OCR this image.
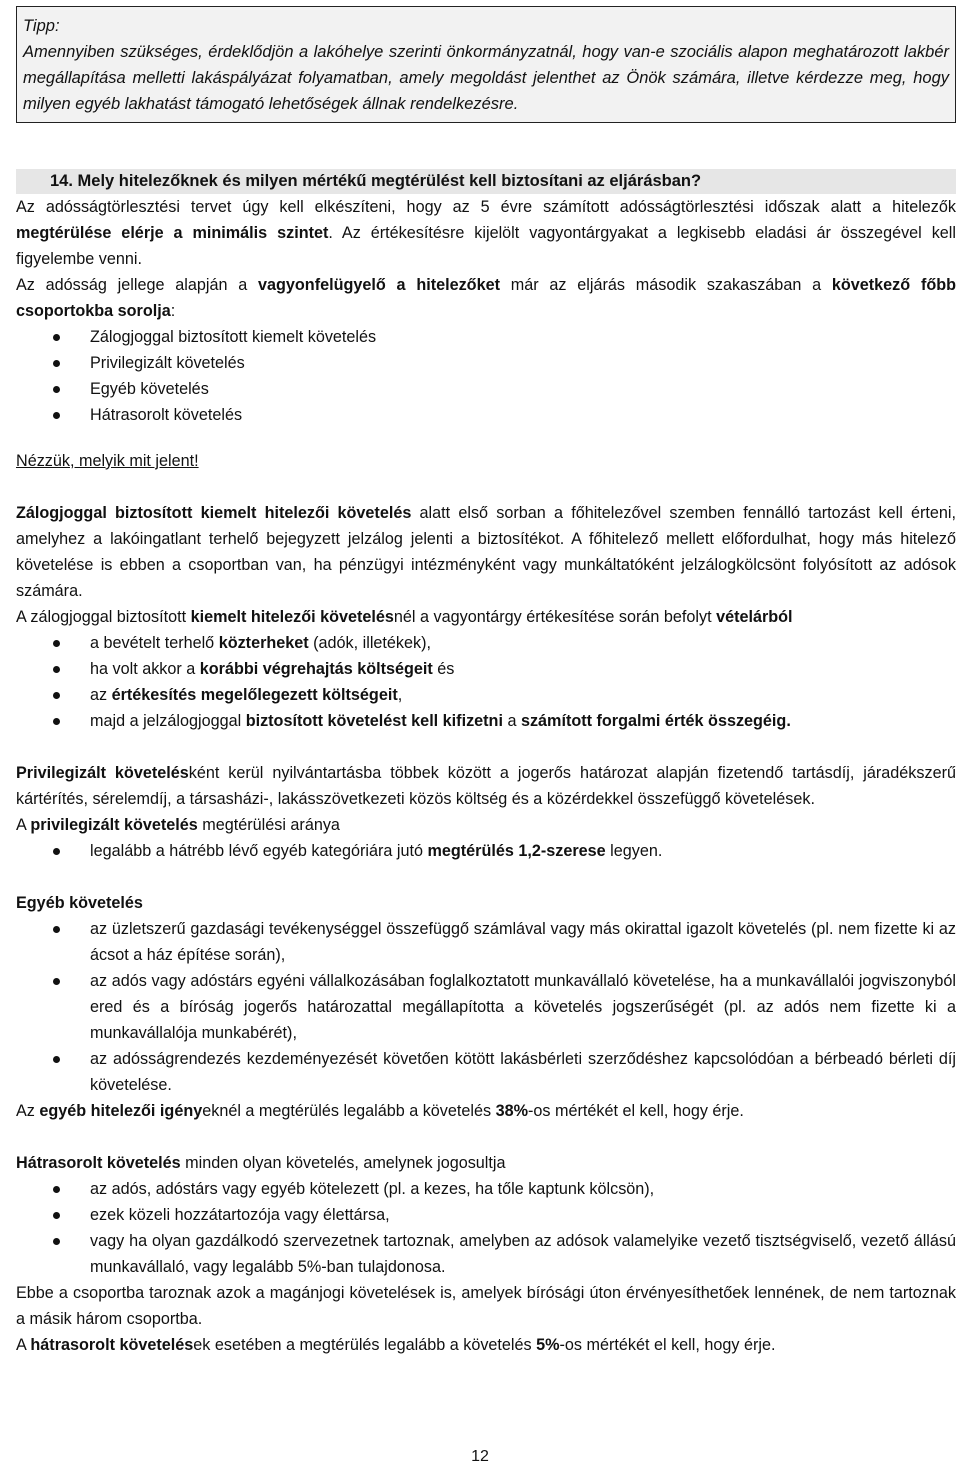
Tipp:
Amennyiben szükséges, érdeklődjön a lakóhelye szerinti önkormányzatnál, hogy van-e szociális alapon meghatározott lakbér megállapítása melletti lakáspályázat folyamatban, amely megoldást jelenthet az Önök számára, illetve kérdezze meg, hogy milyen egyéb lakhatást támogató lehetőségek állnak rendelkezésre.
14. Mely hitelezőknek és milyen mértékű megtérülést kell biztosítani az eljárásban?

Az adósságtörlesztési tervet úgy kell elkészíteni, hogy az 5 évre számított adósságtörlesztési időszak alatt a hitelezők megtérülése elérje a minimális szintet. Az értékesítésre kijelölt vagyontárgyakat a legkisebb eladási ár összegével kell figyelembe venni.

Az adósság jellege alapján a vagyonfelügyelő a hitelezőket már az eljárás második szakaszában a következő főbb csoportokba sorolja:

Zálogjoggal biztosított kiemelt követelés
Privilegizált követelés
Egyéb követelés
Hátrasorolt követelés

Nézzük, melyik mit jelent!

Zálogjoggal biztosított kiemelt hitelezői követelés alatt első sorban a főhitelezővel szemben fennálló tartozást kell érteni, amelyhez a lakóingatlant terhelő bejegyzett jelzálog jelenti a biztosítékot. A főhitelező mellett előfordulhat, hogy más hitelező követelése is ebben a csoportban van, ha pénzügyi intézményként vagy munkáltatóként jelzálogkölcsönt folyósított az adósok számára.

A zálogjoggal biztosított kiemelt hitelezői követelésnél a vagyontárgy értékesítése során befolyt vételárból

a bevételt terhelő közterheket (adók, illetékek),
ha volt akkor a korábbi végrehajtás költségeit és
az értékesítés megelőlegezett költségeit,
majd a jelzálogjoggal biztosított követelést kell kifizetni a számított forgalmi érték összegéig.

Privilegizált követelésként kerül nyilvántartásba többek között a jogerős határozat alapján fizetendő tartásdíj, járadékszerű kártérítés, sérelemdíj, a társasházi-, lakásszövetkezeti közös költség és a közérdekkel összefüggő követelések.

A privilegizált követelés megtérülési aránya

legalább a hátrébb lévő egyéb kategóriára jutó megtérülés 1,2-szerese legyen.

Egyéb követelés

az üzletszerű gazdasági tevékenységgel összefüggő számlával vagy más okirattal igazolt követelés (pl. nem fizette ki az ácsot a ház építése során),
az adós vagy adóstárs egyéni vállalkozásában foglalkoztatott munkavállaló követelése, ha a munkavállalói jogviszonyból ered és a bíróság jogerős határozattal megállapította a követelés jogszerűségét (pl. az adós nem fizette ki a munkavállalója munkabérét),
az adósságrendezés kezdeményezését követően kötött lakásbérleti szerződéshez kapcsolódóan a bérbeadó bérleti díj követelése.

Az egyéb hitelezői igényeknél a megtérülés legalább a követelés 38%-os mértékét el kell, hogy érje.

Hátrasorolt követelés minden olyan követelés, amelynek jogosultja

az adós, adóstárs vagy egyéb kötelezett (pl. a kezes, ha tőle kaptunk kölcsön),
ezek közeli hozzátartozója vagy élettársa,
vagy ha olyan gazdálkodó szervezetnek tartoznak, amelyben az adósok valamelyike vezető tisztségviselő, vezető állású munkavállaló, vagy legalább 5%-ban tulajdonosa.

Ebbe a csoportba taroznak azok a magánjogi követelések is, amelyek bírósági úton érvényesíthetőek lennének, de nem tartoznak a másik három csoportba.

A hátrasorolt követelések esetében a megtérülés legalább a követelés 5%-os mértékét el kell, hogy érje.

12
